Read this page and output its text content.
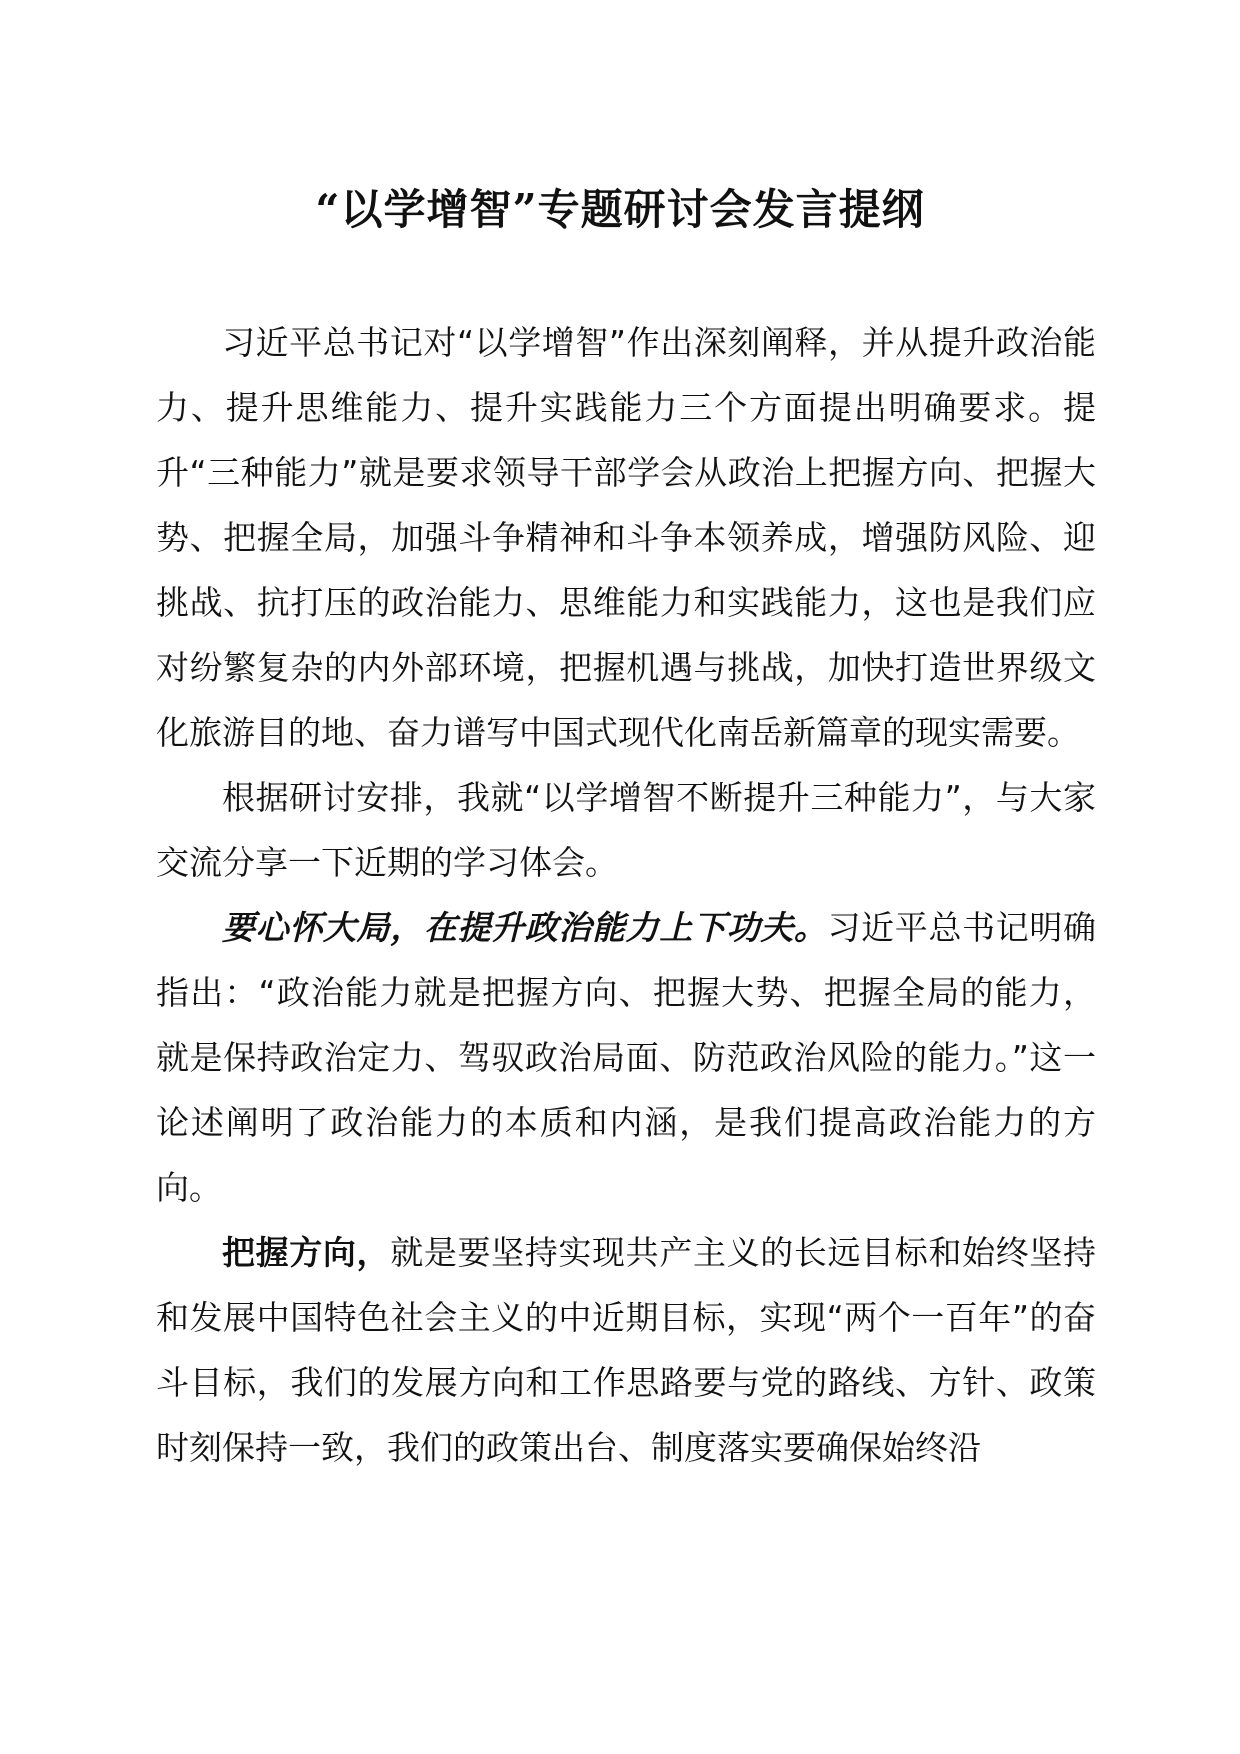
“以学增智”专题研讨会发言提纲

习近平总书记对“以学增智”作出深刻阐释，并从提升政治能力、提升思维能力、提升实践能力三个方面提出明确要求。提升“三种能力”就是要求领导干部学会从政治上把握方向、把握大势、把握全局，加强斗争精神和斗争本领养成，增强防风险、迎挑战、抗打压的政治能力、思维能力和实践能力，这也是我们应对纷繁复杂的内外部环境，把握机遇与挑战，加快打造世界级文化旅游目的地、奋力谱写中国式现代化南岳新篇章的现实需要。

根据研讨安排，我就“以学增智不断提升三种能力”，与大家交流分享一下近期的学习体会。

要心怀大局，在提升政治能力上下功夫。习近平总书记明确指出：“政治能力就是把握方向、把握大势、把握全局的能力，就是保持政治定力、驾驭政治局面、防范政治风险的能力。”这一论述阐明了政治能力的本质和内涵，是我们提高政治能力的方向。

把握方向，就是要坚持实现共产主义的长远目标和始终坚持和发展中国特色社会主义的中近期目标，实现“两个一百年”的奋斗目标，我们的发展方向和工作思路要与党的路线、方针、政策时刻保持一致，我们的政策出台、制度落实要确保始终沿
